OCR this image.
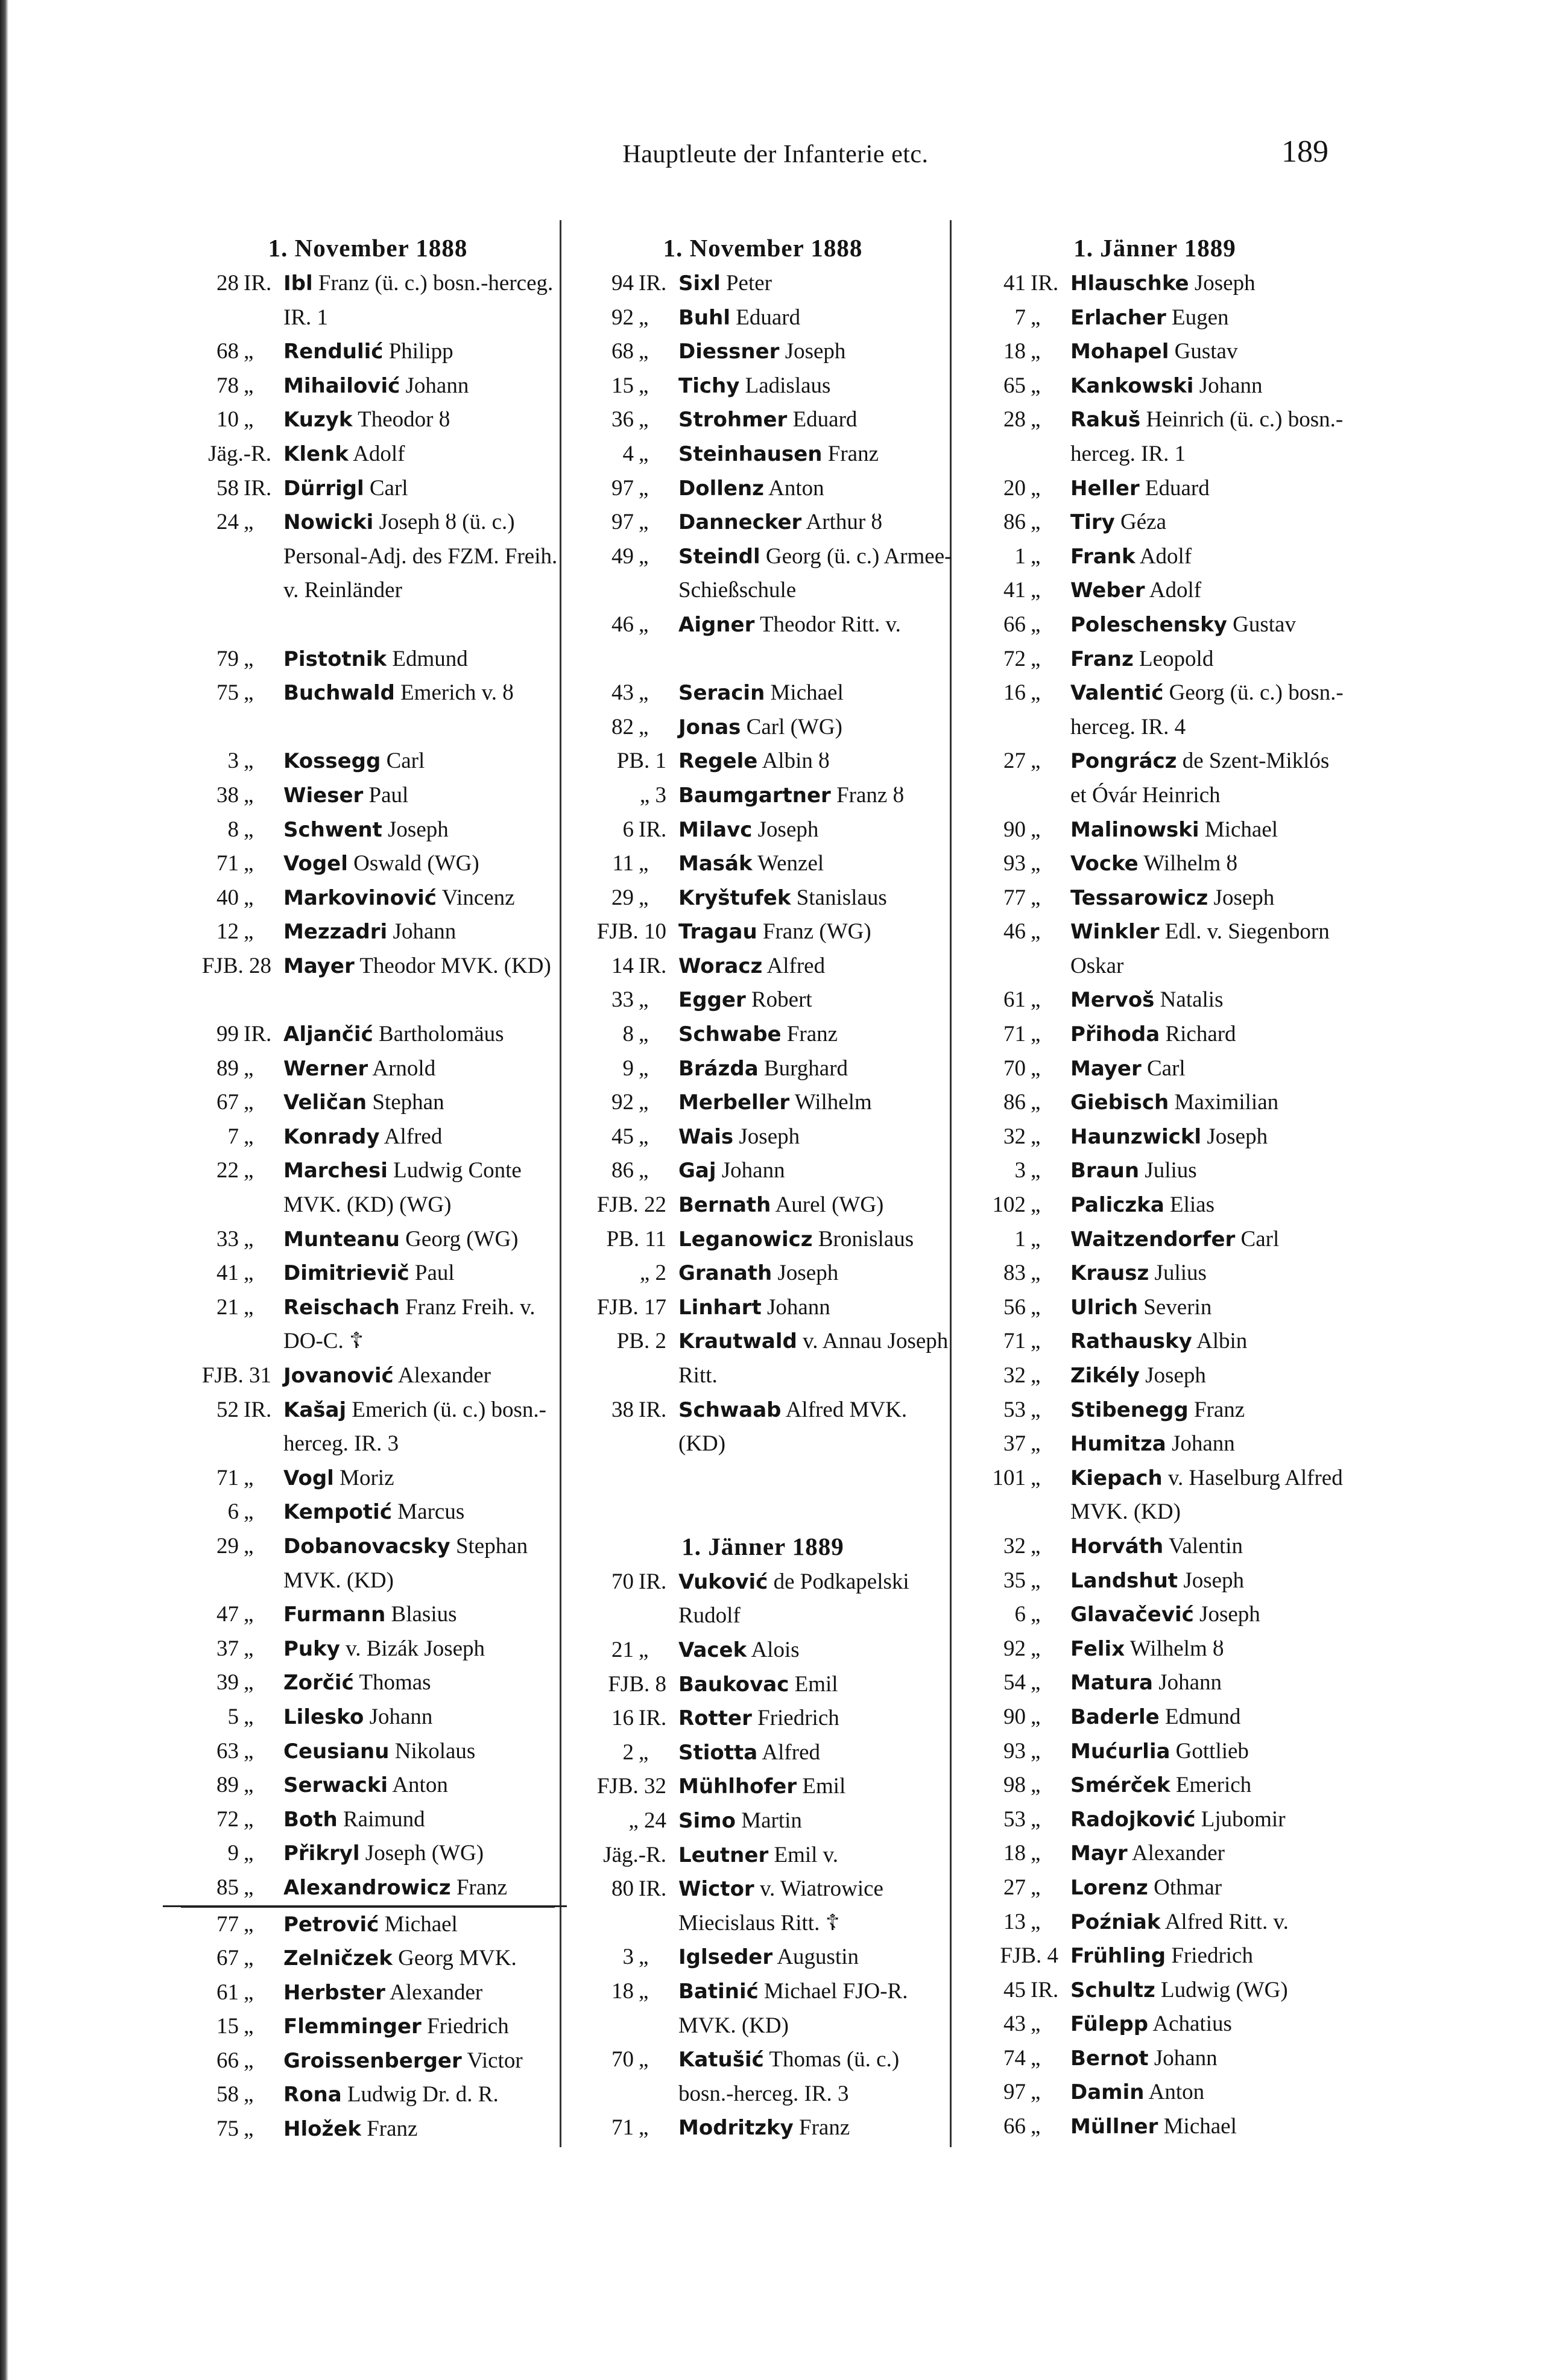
Hauptleute der Infanterie etc.	189
1. November 1888
28 IR. Ibl Franz (ü. c.) bosn.-herceg. IR. 1
68 „ Rendulić Philipp
78 „ Mihailović Johann
10 „ Kuzyk Theodor ȣ
Jäg.-R. Klenk Adolf
58 IR. Dürrigl Carl
24 „ Nowicki Joseph ȣ (ü. c.) Personal-Adj. des FZM. Freih. v. Reinländer
79 „ Pistotnik Edmund
75 „ Buchwald Emerich v. ȣ
3 „ Kossegg Carl
38 „ Wieser Paul
8 „ Schwent Joseph
71 „ Vogel Oswald (WG)
40 „ Markovinović Vincenz
12 „ Mezzadri Johann
FJB. 28 Mayer Theodor MVK. (KD)
99 IR. Aljančić Bartholomäus
89 „ Werner Arnold
67 „ Veličan Stephan
7 „ Konrady Alfred
22 „ Marchesi Ludwig Conte MVK. (KD) (WG)
33 „ Munteanu Georg (WG)
41 „ Dimitrievič Paul
21 „ Reischach Franz Freih. v. DO-C. ☦
FJB. 31 Jovanović Alexander
52 IR. Kašaj Emerich (ü. c.) bosn.-herceg. IR. 3
71 „ Vogl Moriz
6 „ Kempotić Marcus
29 „ Dobanovacsky Stephan MVK. (KD)
47 „ Furmann Blasius
37 „ Puky v. Bizák Joseph
39 „ Zorčić Thomas
5 „ Lilesko Johann
63 „ Ceusianu Nikolaus
89 „ Serwacki Anton
72 „ Both Raimund
9 „ Přikryl Joseph (WG)
85 „ Alexandrowicz Franz
77 „ Petrović Michael
67 „ Zelničzek Georg MVK.
61 „ Herbster Alexander
15 „ Flemminger Friedrich
66 „ Groissenberger Victor
58 „ Rona Ludwig Dr. d. R.
75 „ Hložek Franz
1. November 1888
94 IR. Sixl Peter
92 „ Buhl Eduard
68 „ Diessner Joseph
15 „ Tichy Ladislaus
36 „ Strohmer Eduard
4 „ Steinhausen Franz
97 „ Dollenz Anton
97 „ Dannecker Arthur ȣ
49 „ Steindl Georg (ü. c.) Armee-Schießschule
46 „ Aigner Theodor Ritt. v.
43 „ Seracin Michael
82 „ Jonas Carl (WG)
PB. 1 Regele Albin ȣ
„ 3 Baumgartner Franz ȣ
6 IR. Milavc Joseph
11 „ Masák Wenzel
29 „ Kryštufek Stanislaus
FJB. 10 Tragau Franz (WG)
14 IR. Woracz Alfred
33 „ Egger Robert
8 „ Schwabe Franz
9 „ Brázda Burghard
92 „ Merbeller Wilhelm
45 „ Wais Joseph
86 „ Gaj Johann
FJB. 22 Bernath Aurel (WG)
PB. 11 Leganowicz Bronislaus
„ 2 Granath Joseph
FJB. 17 Linhart Johann
PB. 2 Krautwald v. Annau Joseph Ritt.
38 IR. Schwaab Alfred MVK. (KD)
1. Jänner 1889
70 IR. Vuković de Podkapelski Rudolf
21 „ Vacek Alois
FJB. 8 Baukovac Emil
16 IR. Rotter Friedrich
2 „ Stiotta Alfred
FJB. 32 Mühlhofer Emil
„ 24 Simo Martin
Jäg.-R. Leutner Emil v.
80 IR. Wictor v. Wiatrowice Miecislaus Ritt. ☦
3 „ Iglseder Augustin
18 „ Batinić Michael FJO-R. MVK. (KD)
70 „ Katušić Thomas (ü. c.) bosn.-herceg. IR. 3
71 „ Modritzky Franz
1. Jänner 1889
41 IR. Hlauschke Joseph
7 „ Erlacher Eugen
18 „ Mohapel Gustav
65 „ Kankowski Johann
28 „ Rakuš Heinrich (ü. c.) bosn.-herceg. IR. 1
20 „ Heller Eduard
86 „ Tiry Géza
1 „ Frank Adolf
41 „ Weber Adolf
66 „ Poleschensky Gustav
72 „ Franz Leopold
16 „ Valentić Georg (ü. c.) bosn.-herceg. IR. 4
27 „ Pongrácz de Szent-Miklós et Óvár Heinrich
90 „ Malinowski Michael
93 „ Vocke Wilhelm ȣ
77 „ Tessarowicz Joseph
46 „ Winkler Edl. v. Siegenborn Oskar
61 „ Mervoš Natalis
71 „ Přihoda Richard
70 „ Mayer Carl
86 „ Giebisch Maximilian
32 „ Haunzwickl Joseph
3 „ Braun Julius
102 „ Paliczka Elias
1 „ Waitzendorfer Carl
83 „ Krausz Julius
56 „ Ulrich Severin
71 „ Rathausky Albin
32 „ Zikély Joseph
53 „ Stibenegg Franz
37 „ Humitza Johann
101 „ Kiepach v. Haselburg Alfred MVK. (KD)
32 „ Horváth Valentin
35 „ Landshut Joseph
6 „ Glavačević Joseph
92 „ Felix Wilhelm ȣ
54 „ Matura Johann
90 „ Baderle Edmund
93 „ Mućurlia Gottlieb
98 „ Smérček Emerich
53 „ Radojković Ljubomir
18 „ Mayr Alexander
27 „ Lorenz Othmar
13 „ Poźniak Alfred Ritt. v.
FJB. 4 Frühling Friedrich
45 IR. Schultz Ludwig (WG)
43 „ Fülepp Achatius
74 „ Bernot Johann
97 „ Damin Anton
66 „ Müllner Michael
